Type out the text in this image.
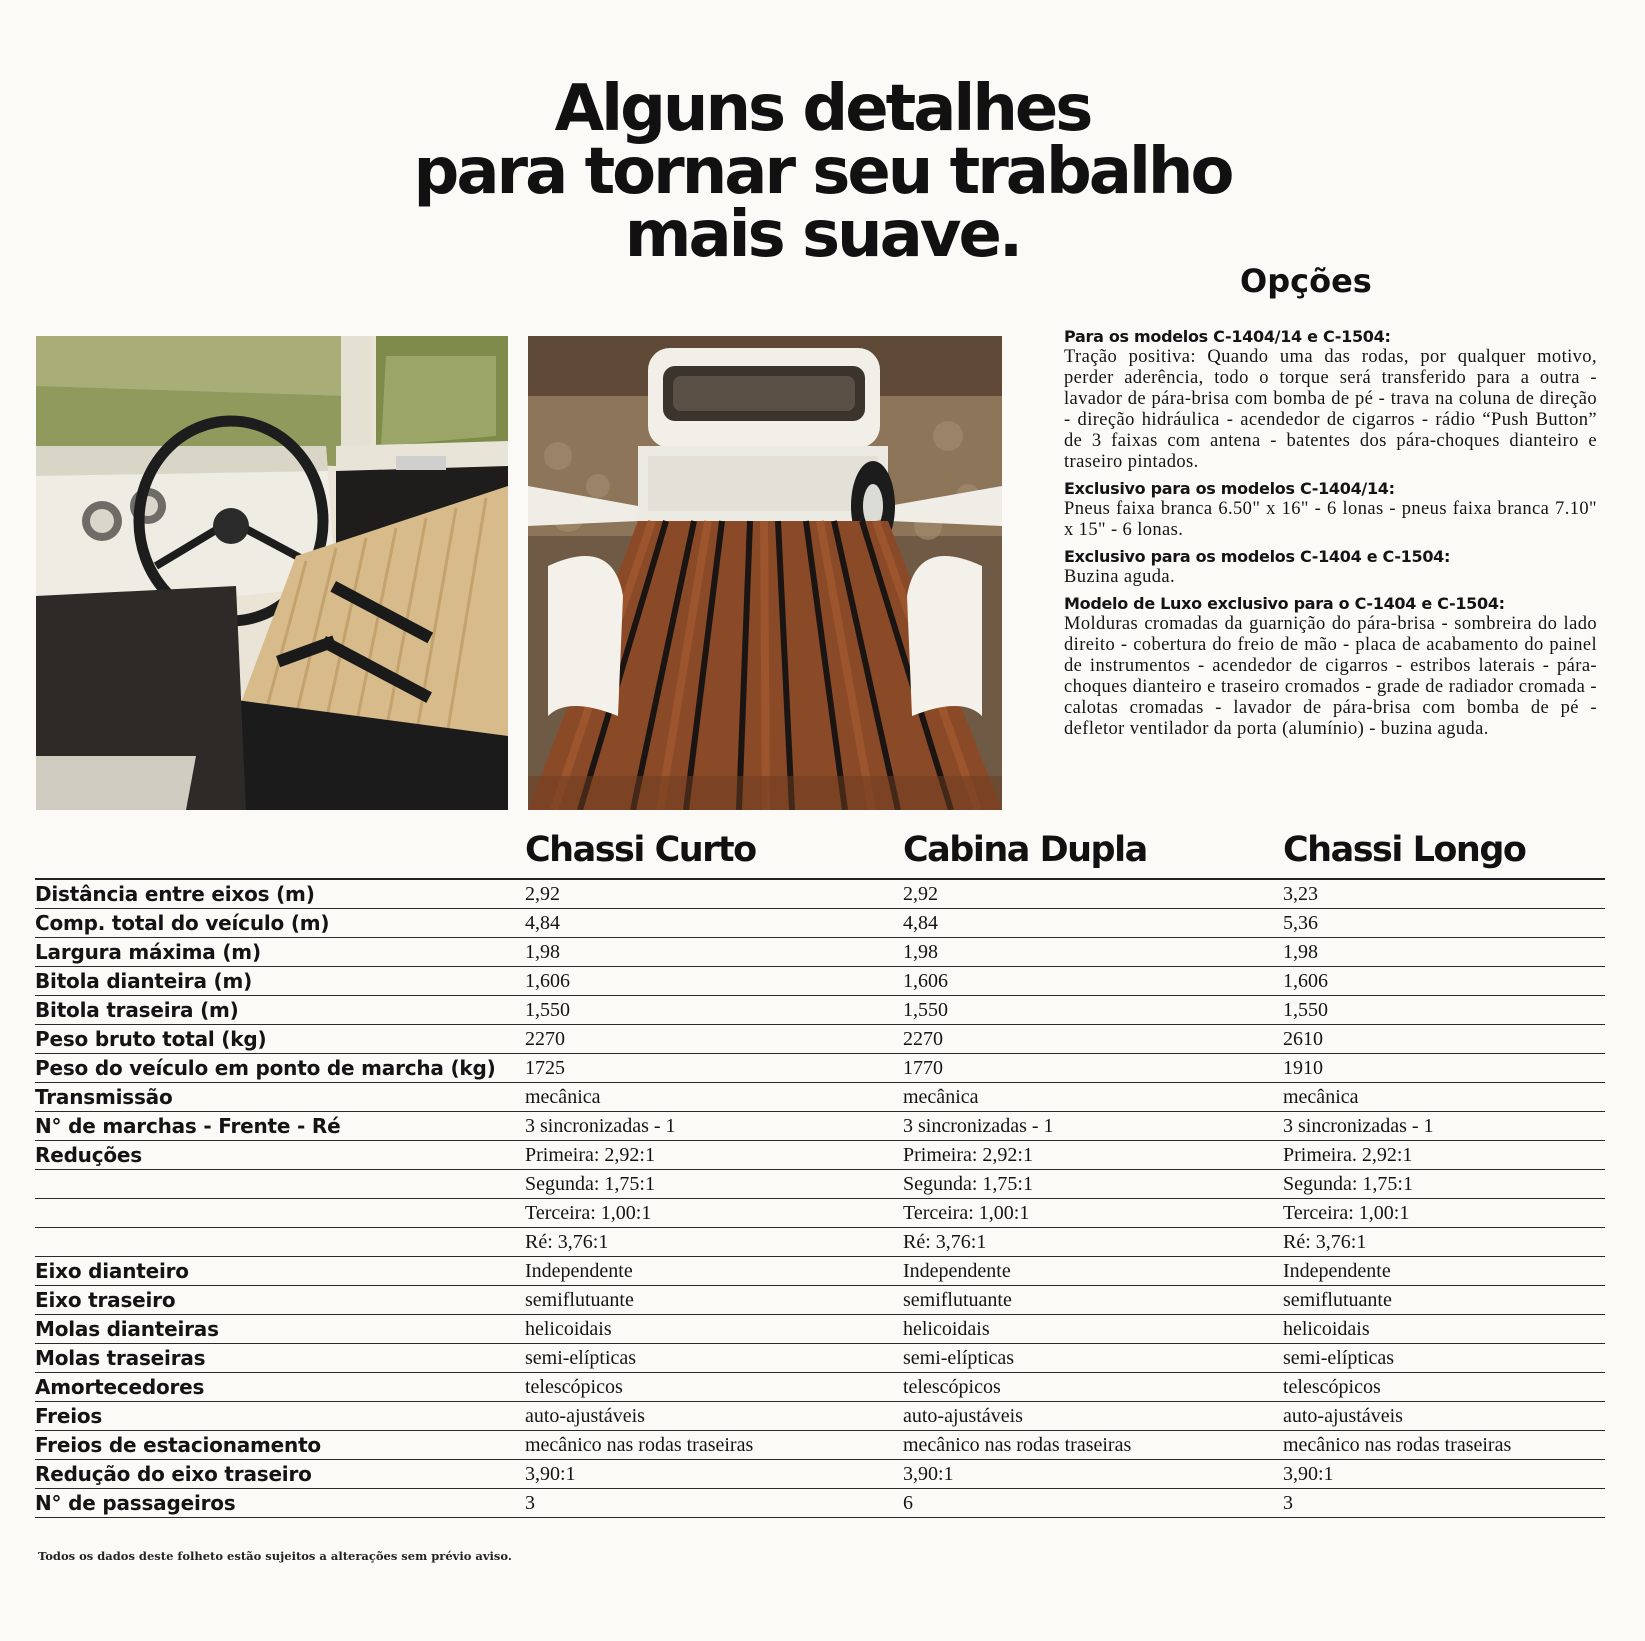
Alguns detalhes
para tornar seu trabalho
mais suave.
Opções
Para os modelos C-1404/14 e C-1504:
Tração positiva: Quando uma das rodas, por qualquer motivo, perder aderência, todo o torque será transferido para a outra - lavador de pára-brisa com bomba de pé - trava na coluna de direção - direção hidráulica - acendedor de cigarros - rádio “Push Button” de 3 faixas com antena - batentes dos pára-choques dianteiro e traseiro pintados.
Exclusivo para os modelos C-1404/14:
Pneus faixa branca 6.50" x 16" - 6 lonas - pneus faixa branca 7.10" x 15" - 6 lonas.
Exclusivo para os modelos C-1404 e C-1504:
Buzina aguda.
Modelo de Luxo exclusivo para o C-1404 e C-1504:
Molduras cromadas da guarnição do pára-brisa - sombreira do lado direito - cobertura do freio de mão - placa de acabamento do painel de instrumentos - acendedor de cigarros - estribos laterais - pára-choques dianteiro e traseiro cromados - grade de radiador cromada - calotas cromadas - lavador de pára-brisa com bomba de pé - defletor ventilador da porta (alumínio) - buzina aguda.
Chassi Curto	Cabina Dupla	Chassi Longo
Distância entre eixos (m)	2,92	2,92	3,23
Comp. total do veículo (m)	4,84	4,84	5,36
Largura máxima (m)	1,98	1,98	1,98
Bitola dianteira (m)	1,606	1,606	1,606
Bitola traseira (m)	1,550	1,550	1,550
Peso bruto total (kg)	2270	2270	2610
Peso do veículo em ponto de marcha (kg)	1725	1770	1910
Transmissão	mecânica	mecânica	mecânica
N° de marchas - Frente - Ré	3 sincronizadas - 1	3 sincronizadas - 1	3 sincronizadas - 1
Reduções	Primeira: 2,92:1	Primeira: 2,92:1	Primeira. 2,92:1
	Segunda: 1,75:1	Segunda: 1,75:1	Segunda: 1,75:1
	Terceira: 1,00:1	Terceira: 1,00:1	Terceira: 1,00:1
	Ré: 3,76:1	Ré: 3,76:1	Ré: 3,76:1
Eixo dianteiro	Independente	Independente	Independente
Eixo traseiro	semiflutuante	semiflutuante	semiflutuante
Molas dianteiras	helicoidais	helicoidais	helicoidais
Molas traseiras	semi-elípticas	semi-elípticas	semi-elípticas
Amortecedores	telescópicos	telescópicos	telescópicos
Freios	auto-ajustáveis	auto-ajustáveis	auto-ajustáveis
Freios de estacionamento	mecânico nas rodas traseiras	mecânico nas rodas traseiras	mecânico nas rodas traseiras
Redução do eixo traseiro	3,90:1	3,90:1	3,90:1
N° de passageiros	3	6	3

Todos os dados deste folheto estão sujeitos a alterações sem prévio aviso.
